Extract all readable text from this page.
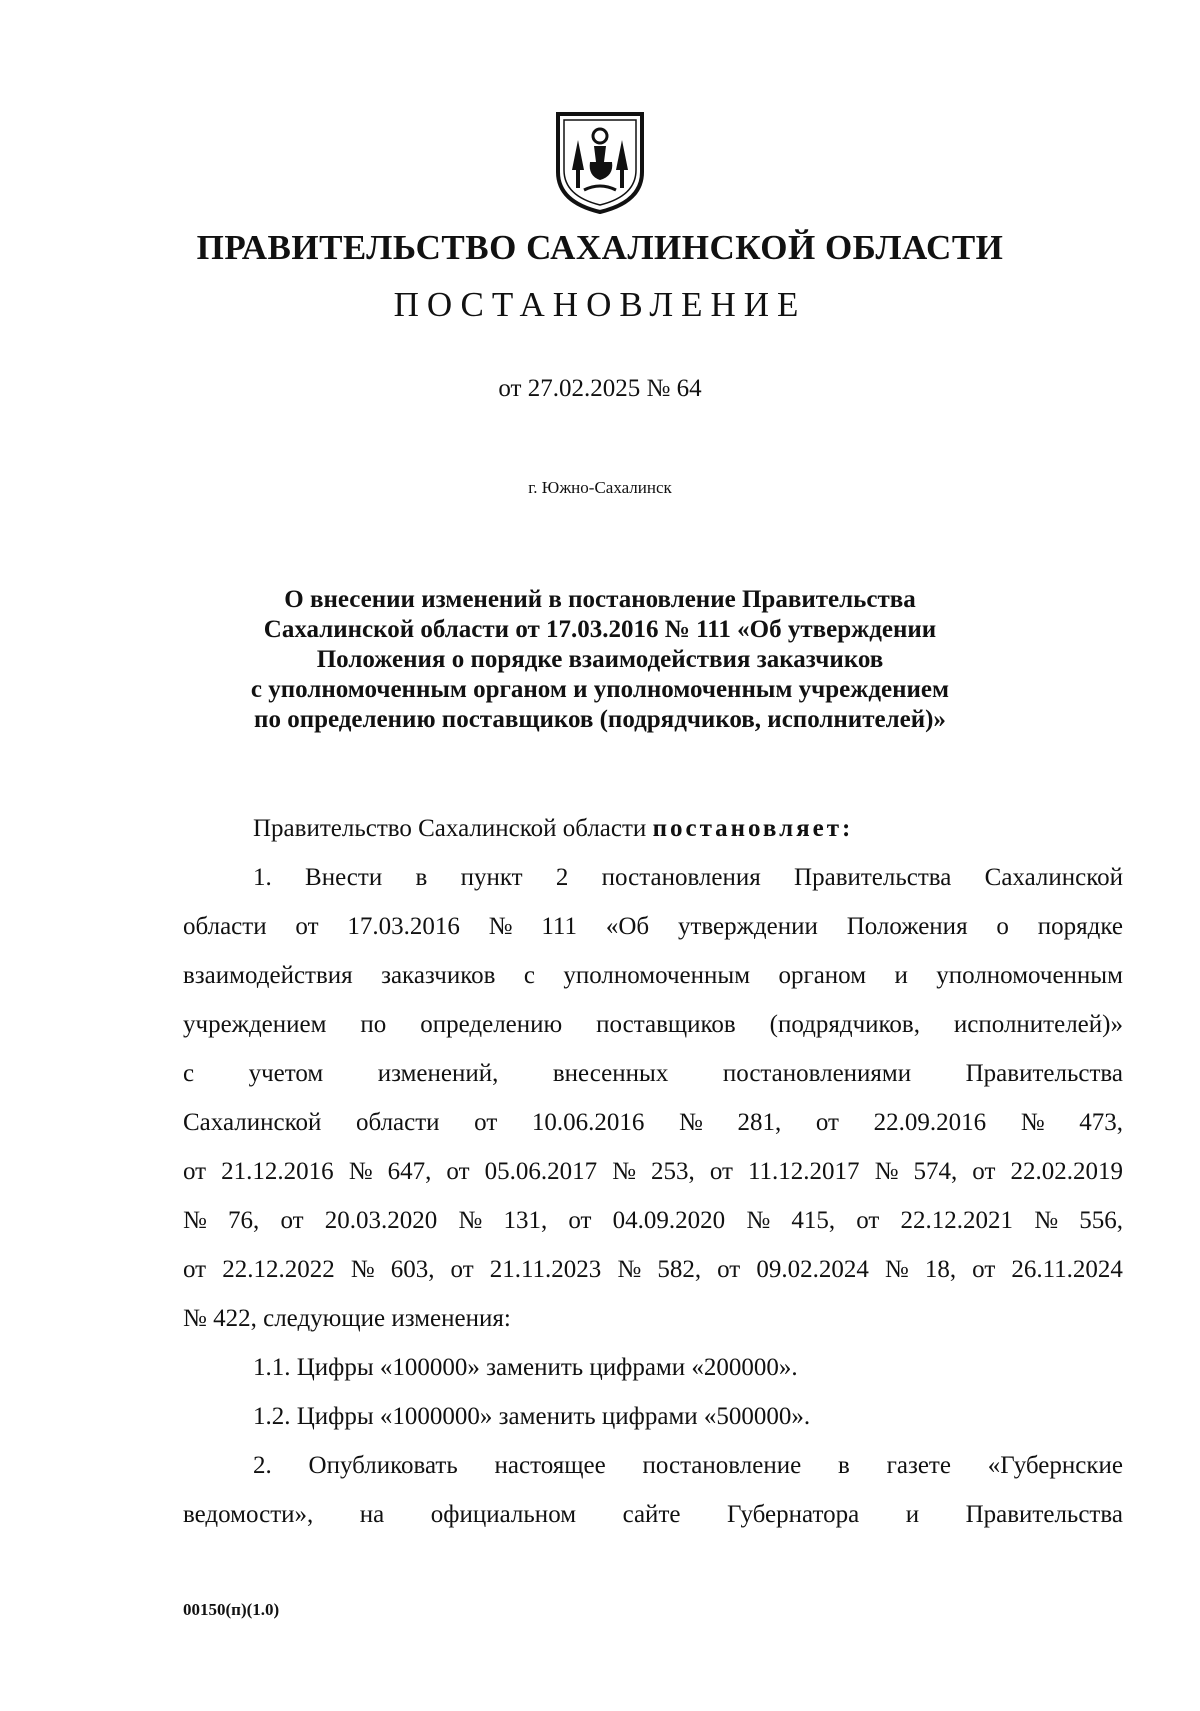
ПРАВИТЕЛЬСТВО САХАЛИНСКОЙ ОБЛАСТИ
ПОСТАНОВЛЕНИЕ
от 27.02.2025 № 64
г. Южно-Сахалинск
О внесении изменений в постановление Правительства
Сахалинской области от 17.03.2016 № 111 «Об утверждении
Положения о порядке взаимодействия заказчиков
с уполномоченным органом и уполномоченным учреждением
по определению поставщиков (подрядчиков, исполнителей)»
Правительство Сахалинской области постановляет:
1. Внести в пункт 2 постановления Правительства Сахалинской
области от 17.03.2016 № 111 «Об утверждении Положения о порядке
взаимодействия заказчиков с уполномоченным органом и уполномоченным
учреждением по определению поставщиков (подрядчиков, исполнителей)»
с учетом изменений, внесенных постановлениями Правительства
Сахалинской области от 10.06.2016 № 281, от 22.09.2016 № 473,
от 21.12.2016 № 647, от 05.06.2017 № 253, от 11.12.2017 № 574, от 22.02.2019
№ 76, от 20.03.2020 № 131, от 04.09.2020 № 415, от 22.12.2021 № 556,
от 22.12.2022 № 603, от 21.11.2023 № 582, от 09.02.2024 № 18, от 26.11.2024
№ 422, следующие изменения:
1.1. Цифры «100000» заменить цифрами «200000».
1.2. Цифры «1000000» заменить цифрами «500000».
2. Опубликовать настоящее постановление в газете «Губернские
ведомости», на официальном сайте Губернатора и Правительства
00150(п)(1.0)
